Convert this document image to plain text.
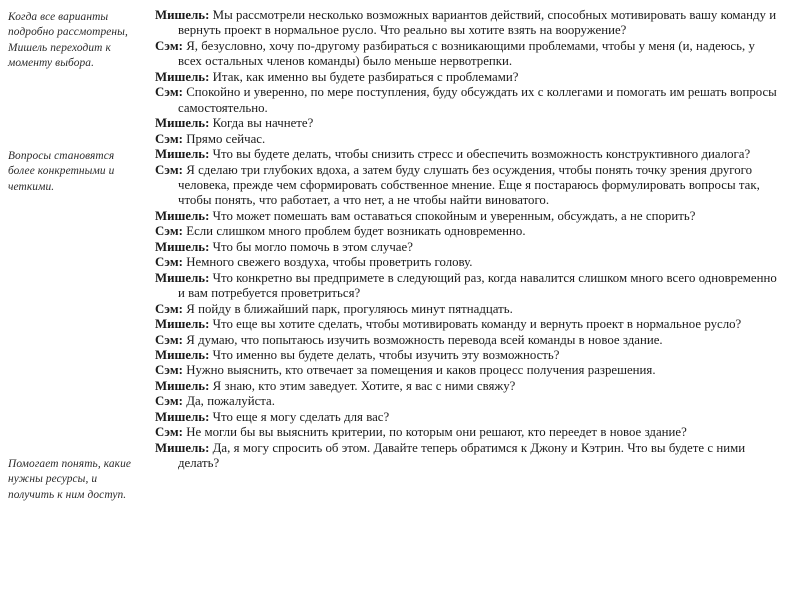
Когда все варианты подробно рассмотрены, Мишель переходит к моменту выбора.
Вопросы становятся более конкретными и четкими.
Помогает понять, какие нужны ресурсы, и получить к ним доступ.

Мишель: Мы рассмотрели несколько возможных вариантов действий, способных мотивировать вашу команду и вернуть проект в нормальное русло. Что реально вы хотите взять на вооружение?

Сэм: Я, безусловно, хочу по-другому разбираться с возникающими проблемами, чтобы у меня (и, надеюсь, у всех остальных членов команды) было меньше нервотрепки.

Мишель: Итак, как именно вы будете разбираться с проблемами?

Сэм: Спокойно и уверенно, по мере поступления, буду обсуждать их с коллегами и помогать им решать вопросы самостоятельно.

Мишель: Когда вы начнете?

Сэм: Прямо сейчас.

Мишель: Что вы будете делать, чтобы снизить стресс и обеспечить возможность конструктивного диалога?

Сэм: Я сделаю три глубоких вдоха, а затем буду слушать без осуждения, чтобы понять точку зрения другого человека, прежде чем сформировать собственное мнение. Еще я постараюсь формулировать вопросы так, чтобы понять, что работает, а что нет, а не чтобы найти виноватого.

Мишель: Что может помешать вам оставаться спокойным и уверенным, обсуждать, а не спорить?

Сэм: Если слишком много проблем будет возникать одновременно.

Мишель: Что бы могло помочь в этом случае?

Сэм: Немного свежего воздуха, чтобы проветрить голову.

Мишель: Что конкретно вы предприметe в следующий раз, когда навалится слишком много всего одновременно и вам потребуется проветриться?

Сэм: Я пойду в ближайший парк, прогуляюсь минут пятнадцать.

Мишель: Что еще вы хотите сделать, чтобы мотивировать команду и вернуть проект в нормальное русло?

Сэм: Я думаю, что попытаюсь изучить возможность перевода всей команды в новое здание.

Мишель: Что именно вы будете делать, чтобы изучить эту возможность?

Сэм: Нужно выяснить, кто отвечает за помещения и каков процесс получения разрешения.

Мишель: Я знаю, кто этим заведует. Хотите, я вас с ними свяжу?

Сэм: Да, пожалуйста.

Мишель: Что еще я могу сделать для вас?

Сэм: Не могли бы вы выяснить критерии, по которым они решают, кто переедет в новое здание?

Мишель: Да, я могу спросить об этом. Давайте теперь обратимся к Джону и Кэтрин. Что вы будете с ними делать?
